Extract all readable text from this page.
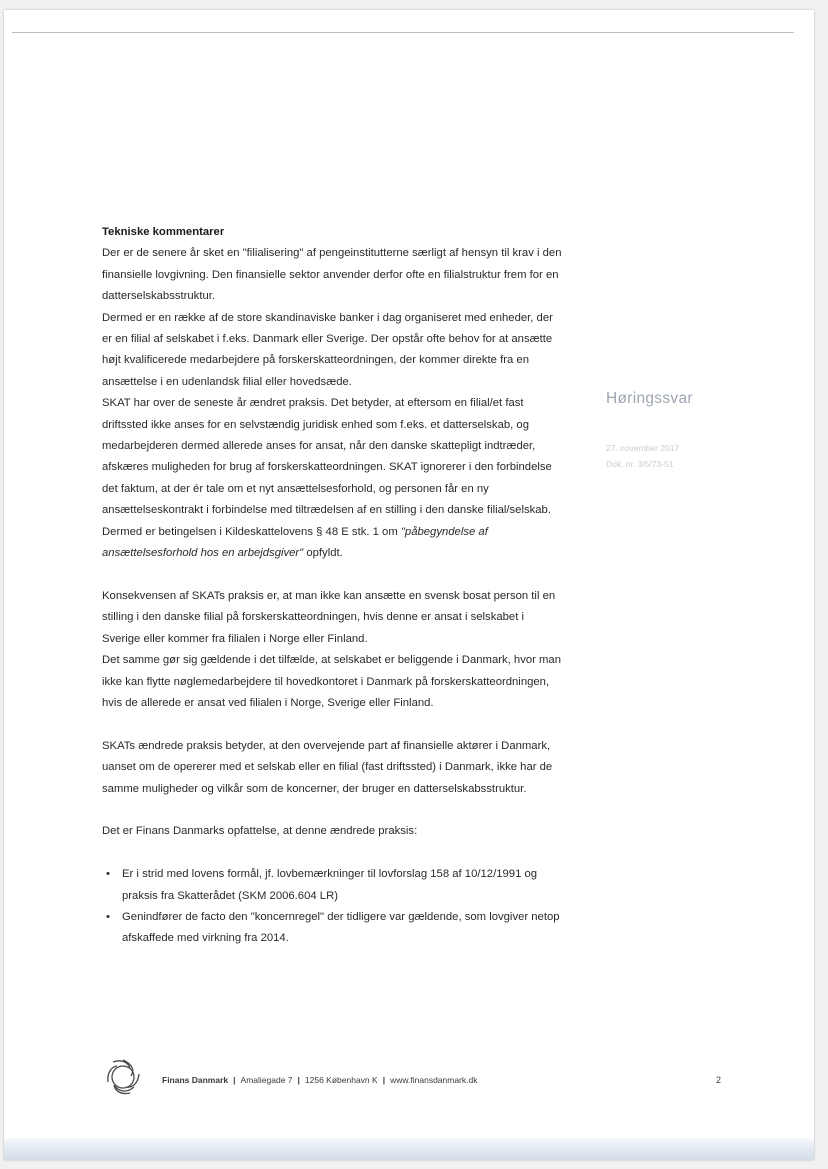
Tekniske kommentarer

Der er de senere år sket en "filialisering" af pengeinstitutterne særligt af hensyn til krav i den finansielle lovgivning. Den finansielle sektor anvender derfor ofte en filialstruktur frem for en datterselskabsstruktur.

Dermed er en række af de store skandinaviske banker i dag organiseret med enheder, der er en filial af selskabet i f.eks. Danmark eller Sverige. Der opstår ofte behov for at ansætte højt kvalificerede medarbejdere på forskerskatteordningen, der kommer direkte fra en ansættelse i en udenlandsk filial eller hovedsæde.

SKAT har over de seneste år ændret praksis. Det betyder, at eftersom en filial/et fast driftssted ikke anses for en selvstændig juridisk enhed som f.eks. et datterselskab, og medarbejderen dermed allerede anses for ansat, når den danske skattepligt indtræder, afskæres muligheden for brug af forskerskatteordningen. SKAT ignorerer i den forbindelse det faktum, at der ér tale om et nyt ansættelsesforhold, og personen får en ny ansættelseskontrakt i forbindelse med tiltrædelsen af en stilling i den danske filial/selskab. Dermed er betingelsen i Kildeskattelovens § 48 E stk. 1 om "påbegyndelse af ansættelsesforhold hos en arbejdsgiver" opfyldt.

Konsekvensen af SKATs praksis er, at man ikke kan ansætte en svensk bosat person til en stilling i den danske filial på forskerskatteordningen, hvis denne er ansat i selskabet i Sverige eller kommer fra filialen i Norge eller Finland.

Det samme gør sig gældende i det tilfælde, at selskabet er beliggende i Danmark, hvor man ikke kan flytte nøglemedarbejdere til hovedkontoret i Danmark på forskerskatteordningen, hvis de allerede er ansat ved filialen i Norge, Sverige eller Finland.

SKATs ændrede praksis betyder, at den overvejende part af finansielle aktører i Danmark, uanset om de opererer med et selskab eller en filial (fast driftssted) i Danmark, ikke har de samme muligheder og vilkår som de koncerner, der bruger en datterselskabsstruktur.

Det er Finans Danmarks opfattelse, at denne ændrede praksis:

• Er i strid med lovens formål, jf. lovbemærkninger til lovforslag 158 af 10/12/1991 og praksis fra Skatterådet (SKM 2006.604 LR)
• Genindfører de facto den "koncernregel" der tidligere var gældende, som lovgiver netop afskaffede med virkning fra 2014.
Høringssvar
27. november 2017
Dok. nr. 3/5/73-51
Finans Danmark | Amaliegade 7 | 1256 København K | www.finansdanmark.dk	2
